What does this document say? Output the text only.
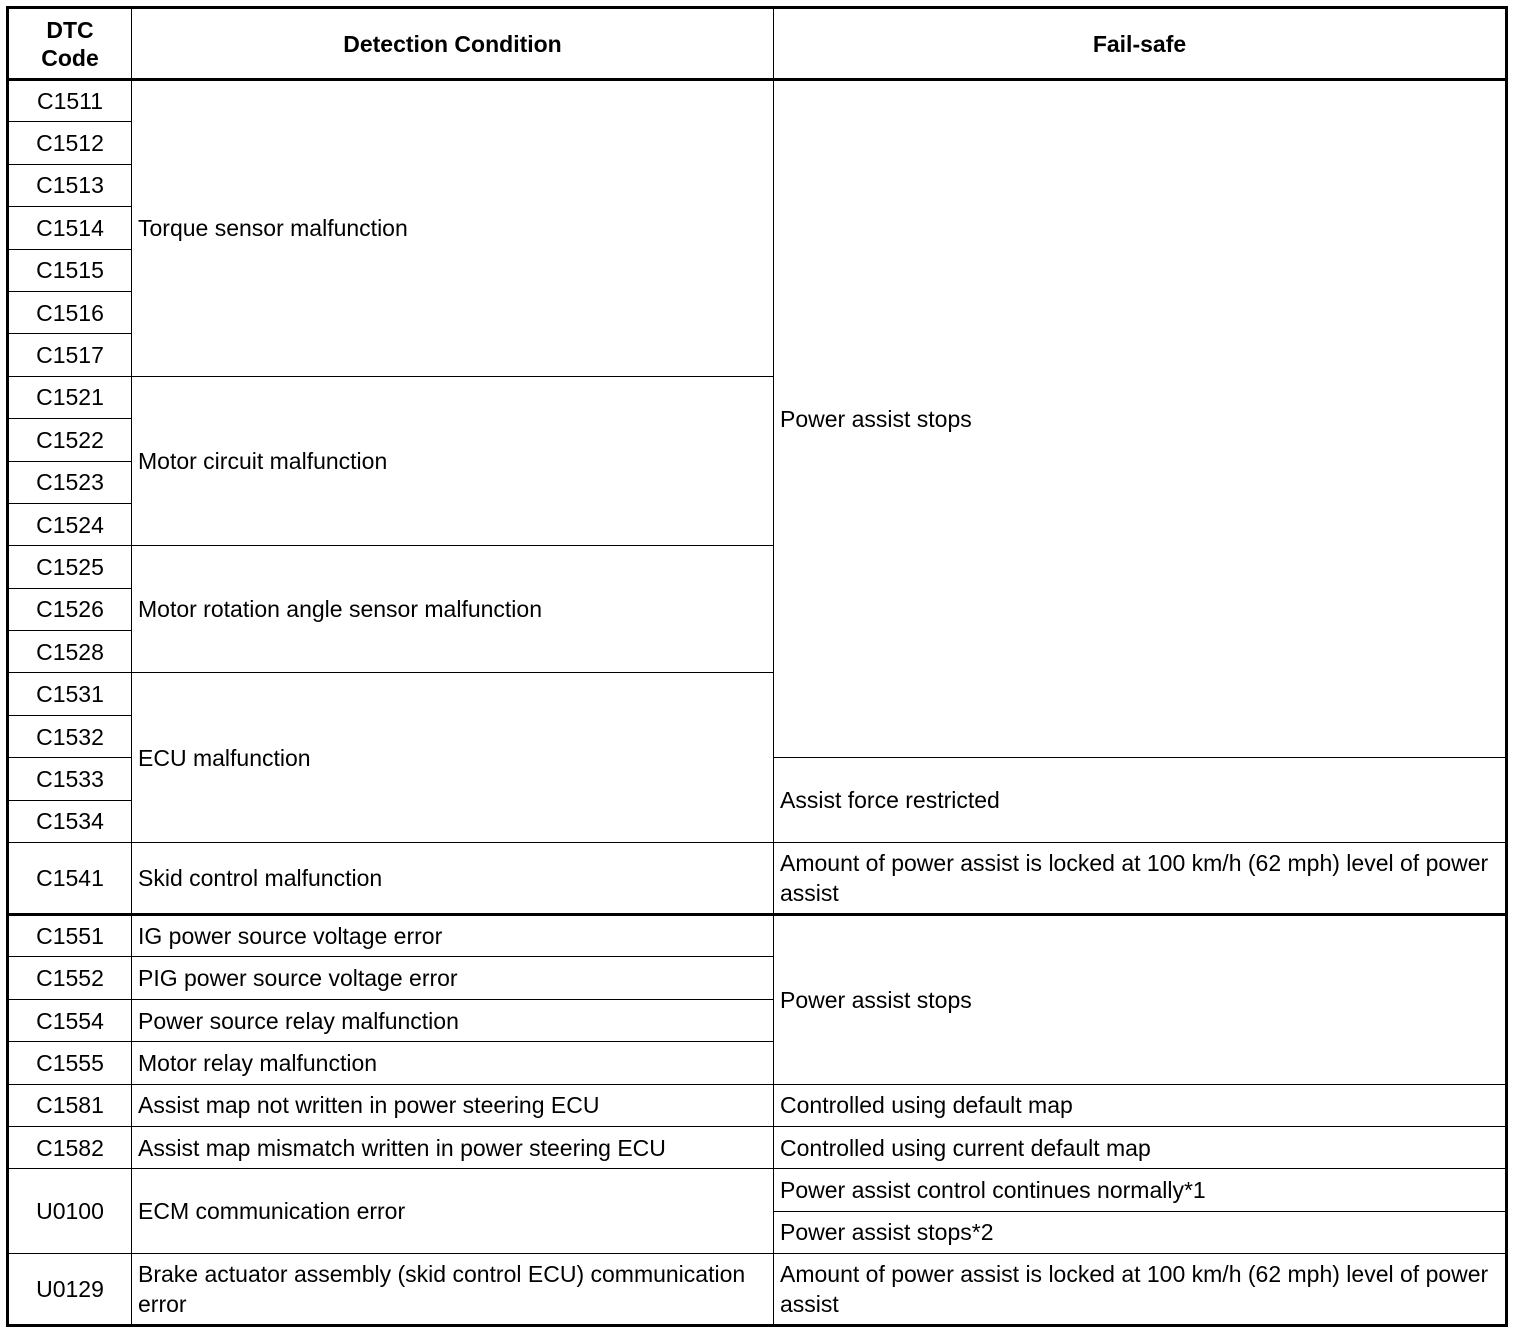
DTC Code	Detection Condition	Fail-safe
C1511	Torque sensor malfunction	Power assist stops
C1512		
C1513		
C1514		
C1515		
C1516		
C1517		
C1521	Motor circuit malfunction	
C1522		
C1523		
C1524		
C1525	Motor rotation angle sensor malfunction	
C1526		
C1528		
C1531	ECU malfunction	
C1532		
C1533		Assist force restricted
C1534		
C1541	Skid control malfunction	Amount of power assist is locked at 100 km/h (62 mph) level of power assist
C1551	IG power source voltage error	Power assist stops
C1552	PIG power source voltage error	
C1554	Power source relay malfunction	
C1555	Motor relay malfunction	
C1581	Assist map not written in power steering ECU	Controlled using default map
C1582	Assist map mismatch written in power steering ECU	Controlled using current default map
U0100	ECM communication error	Power assist control continues normally*1
		Power assist stops*2
U0129	Brake actuator assembly (skid control ECU) communication error	Amount of power assist is locked at 100 km/h (62 mph) level of power assist
